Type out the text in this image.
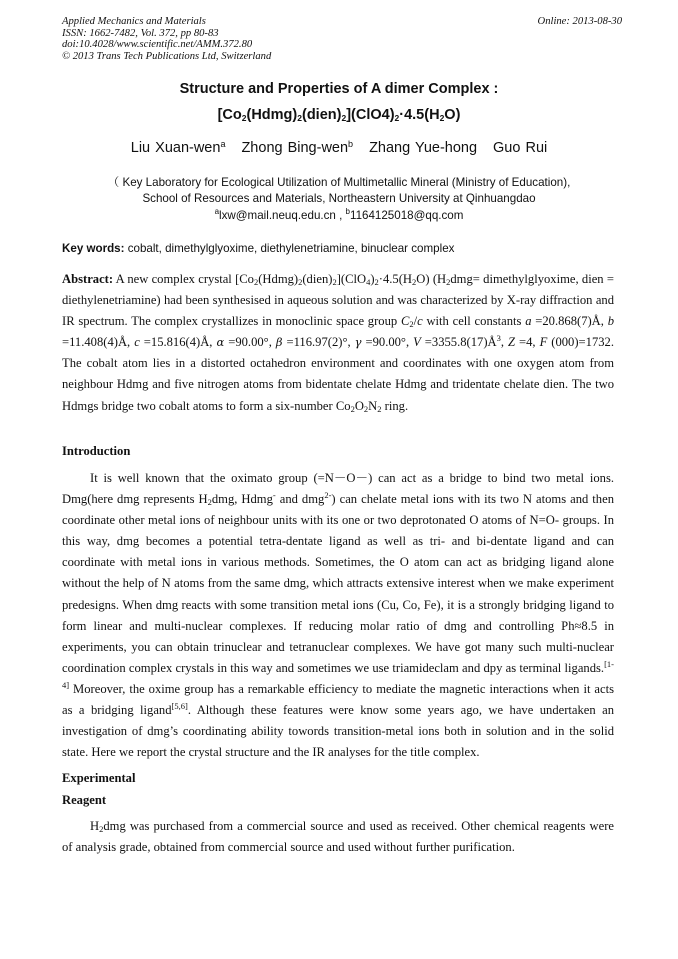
Applied Mechanics and Materials
ISSN: 1662-7482, Vol. 372, pp 80-83
doi:10.4028/www.scientific.net/AMM.372.80
© 2013 Trans Tech Publications Ltd, Switzerland
Online: 2013-08-30
Structure and Properties of A dimer Complex :
$[Co_2(Hdmg)_2(dien)_2](ClO4)_2\cdot 4.5(H_2O)$
Liu Xuan-wen$^a$ Zhong Bing-wen$^b$ Zhang Yue-hong Guo Rui
（ Key Laboratory for Ecological Utilization of Multimetallic Mineral (Ministry of Education),
School of Resources and Materials, Northeastern University at Qinhuangdao
$^a$lxw@mail.neuq.edu.cn , $^b$1164125018@qq.com
Key words: cobalt, dimethylglyoxime, diethylenetriamine, binuclear complex
Abstract: A new complex crystal $[Co_2(Hdmg)_2(dien)_2](ClO_4)_2\cdot 4.5(H_2O)$ ($H_2dmg=$ dimethylglyoxime, dien = diethylenetriamine) had been synthesised in aqueous solution and was characterized by X-ray diffraction and IR spectrum. The complex crystallizes in monoclinic space group $C_2/c$ with cell constants a =20.868(7)Å, b =11.408(4)Å, c =15.816(4)Å, α =90.00°, β =116.97(2)°, γ =90.00°, $V =3355.8(17)Å^3$, Z =4, F (000)=1732. The cobalt atom lies in a distorted octahedron environment and coordinates with one oxygen atom from neighbour Hdmg and five nitrogen atoms from bidentate chelate Hdmg and tridentate chelate dien. The two Hdmgs bridge two cobalt atoms to form a six-number $Co_2O_2N_2$ ring.
Introduction
It is well known that the oximato group (=N－O－) can act as a bridge to bind two metal ions. Dmg(here dmg represents $H_2dmg$, Hdmg- and dmg$^{2-}$) can chelate metal ions with its two N atoms and then coordinate other metal ions of neighbour units with its one or two deprotonated O atoms of N=O- groups. In this way, dmg becomes a potential tetra-dentate ligand as well as tri- and bi-dentate ligand and can coordinate with metal ions in various methods. Sometimes, the O atom can act as bridging ligand alone without the help of N atoms from the same dmg, which attracts extensive interest when we make experiment predesigns. When dmg reacts with some transition metal ions (Cu, Co, Fe), it is a strongly bridging ligand to form linear and multi-nuclear complexes. If reducing molar ratio of dmg and controlling Ph≈8.5 in experiments, you can obtain trinuclear and tetranuclear complexes. We have got many such multi-nuclear coordination complex crystals in this way and sometimes we use triamideclam and dpy as terminal ligands.[1-4] Moreover, the oxime group has a remarkable efficiency to mediate the magnetic interactions when it acts as a bridging ligand[5,6]. Although these features were know some years ago, we have undertaken an investigation of dmg’s coordinating ability towords transition-metal ions both in solution and in the solid state. Here we report the crystal structure and the IR analyses for the title complex.
Experimental
Reagent
$H_2dmg$ was purchased from a commercial source and used as received. Other chemical reagents were of analysis grade, obtained from commercial source and used without further purification.
